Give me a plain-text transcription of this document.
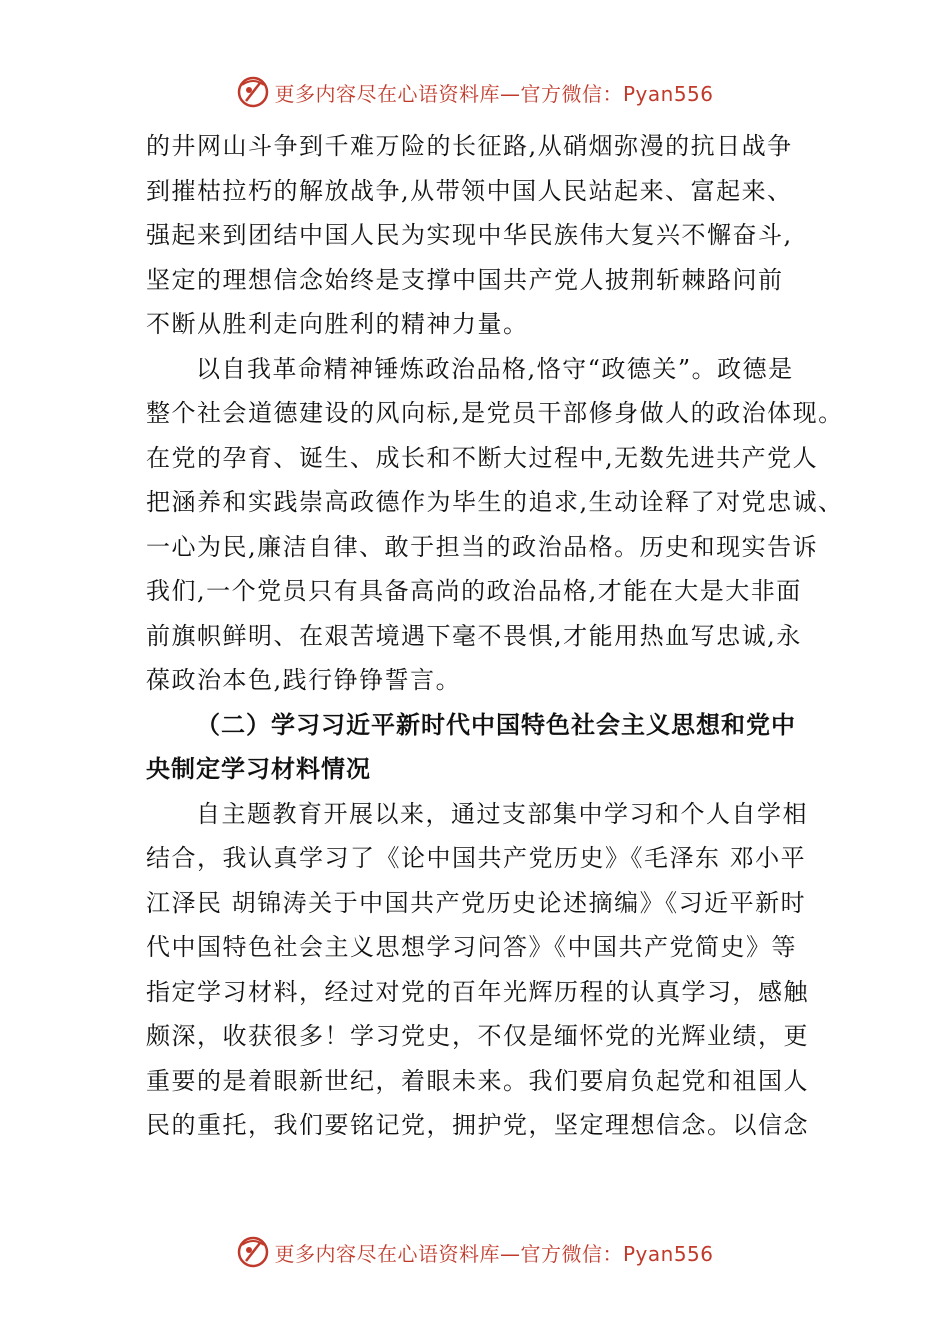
更多内容尽在心语资料库—官方微信：Pyan556
的井网山斗争到千难万险的长征路,从硝烟弥漫的抗日战争
到摧枯拉朽的解放战争,从带领中国人民站起来、富起来、
强起来到团结中国人民为实现中华民族伟大复兴不懈奋斗,
坚定的理想信念始终是支撑中国共产党人披荆斩棘路问前
不断从胜利走向胜利的精神力量。
以自我革命精神锤炼政治品格,恪守“政德关”。政德是
整个社会道德建设的风向标,是党员干部修身做人的政治体现。
在党的孕育、诞生、成长和不断大过程中,无数先进共产党人
把涵养和实践崇高政德作为毕生的追求,生动诠释了对党忠诚、
一心为民,廉洁自律、敢于担当的政治品格。历史和现实告诉
我们,一个党员只有具备高尚的政治品格,才能在大是大非面
前旗帜鲜明、在艰苦境遇下毫不畏惧,才能用热血写忠诚,永
葆政治本色,践行铮铮誓言。
（二）学习习近平新时代中国特色社会主义思想和党中
央制定学习材料情况
自主题教育开展以来，通过支部集中学习和个人自学相
结合，我认真学习了《论中国共产党历史》《毛泽东 邓小平
江泽民 胡锦涛关于中国共产党历史论述摘编》《习近平新时
代中国特色社会主义思想学习问答》《中国共产党简史》等
指定学习材料，经过对党的百年光辉历程的认真学习，感触
颇深，收获很多！学习党史，不仅是缅怀党的光辉业绩，更
重要的是着眼新世纪，着眼未来。我们要肩负起党和祖国人
民的重托，我们要铭记党，拥护党，坚定理想信念。以信念
更多内容尽在心语资料库—官方微信：Pyan556
